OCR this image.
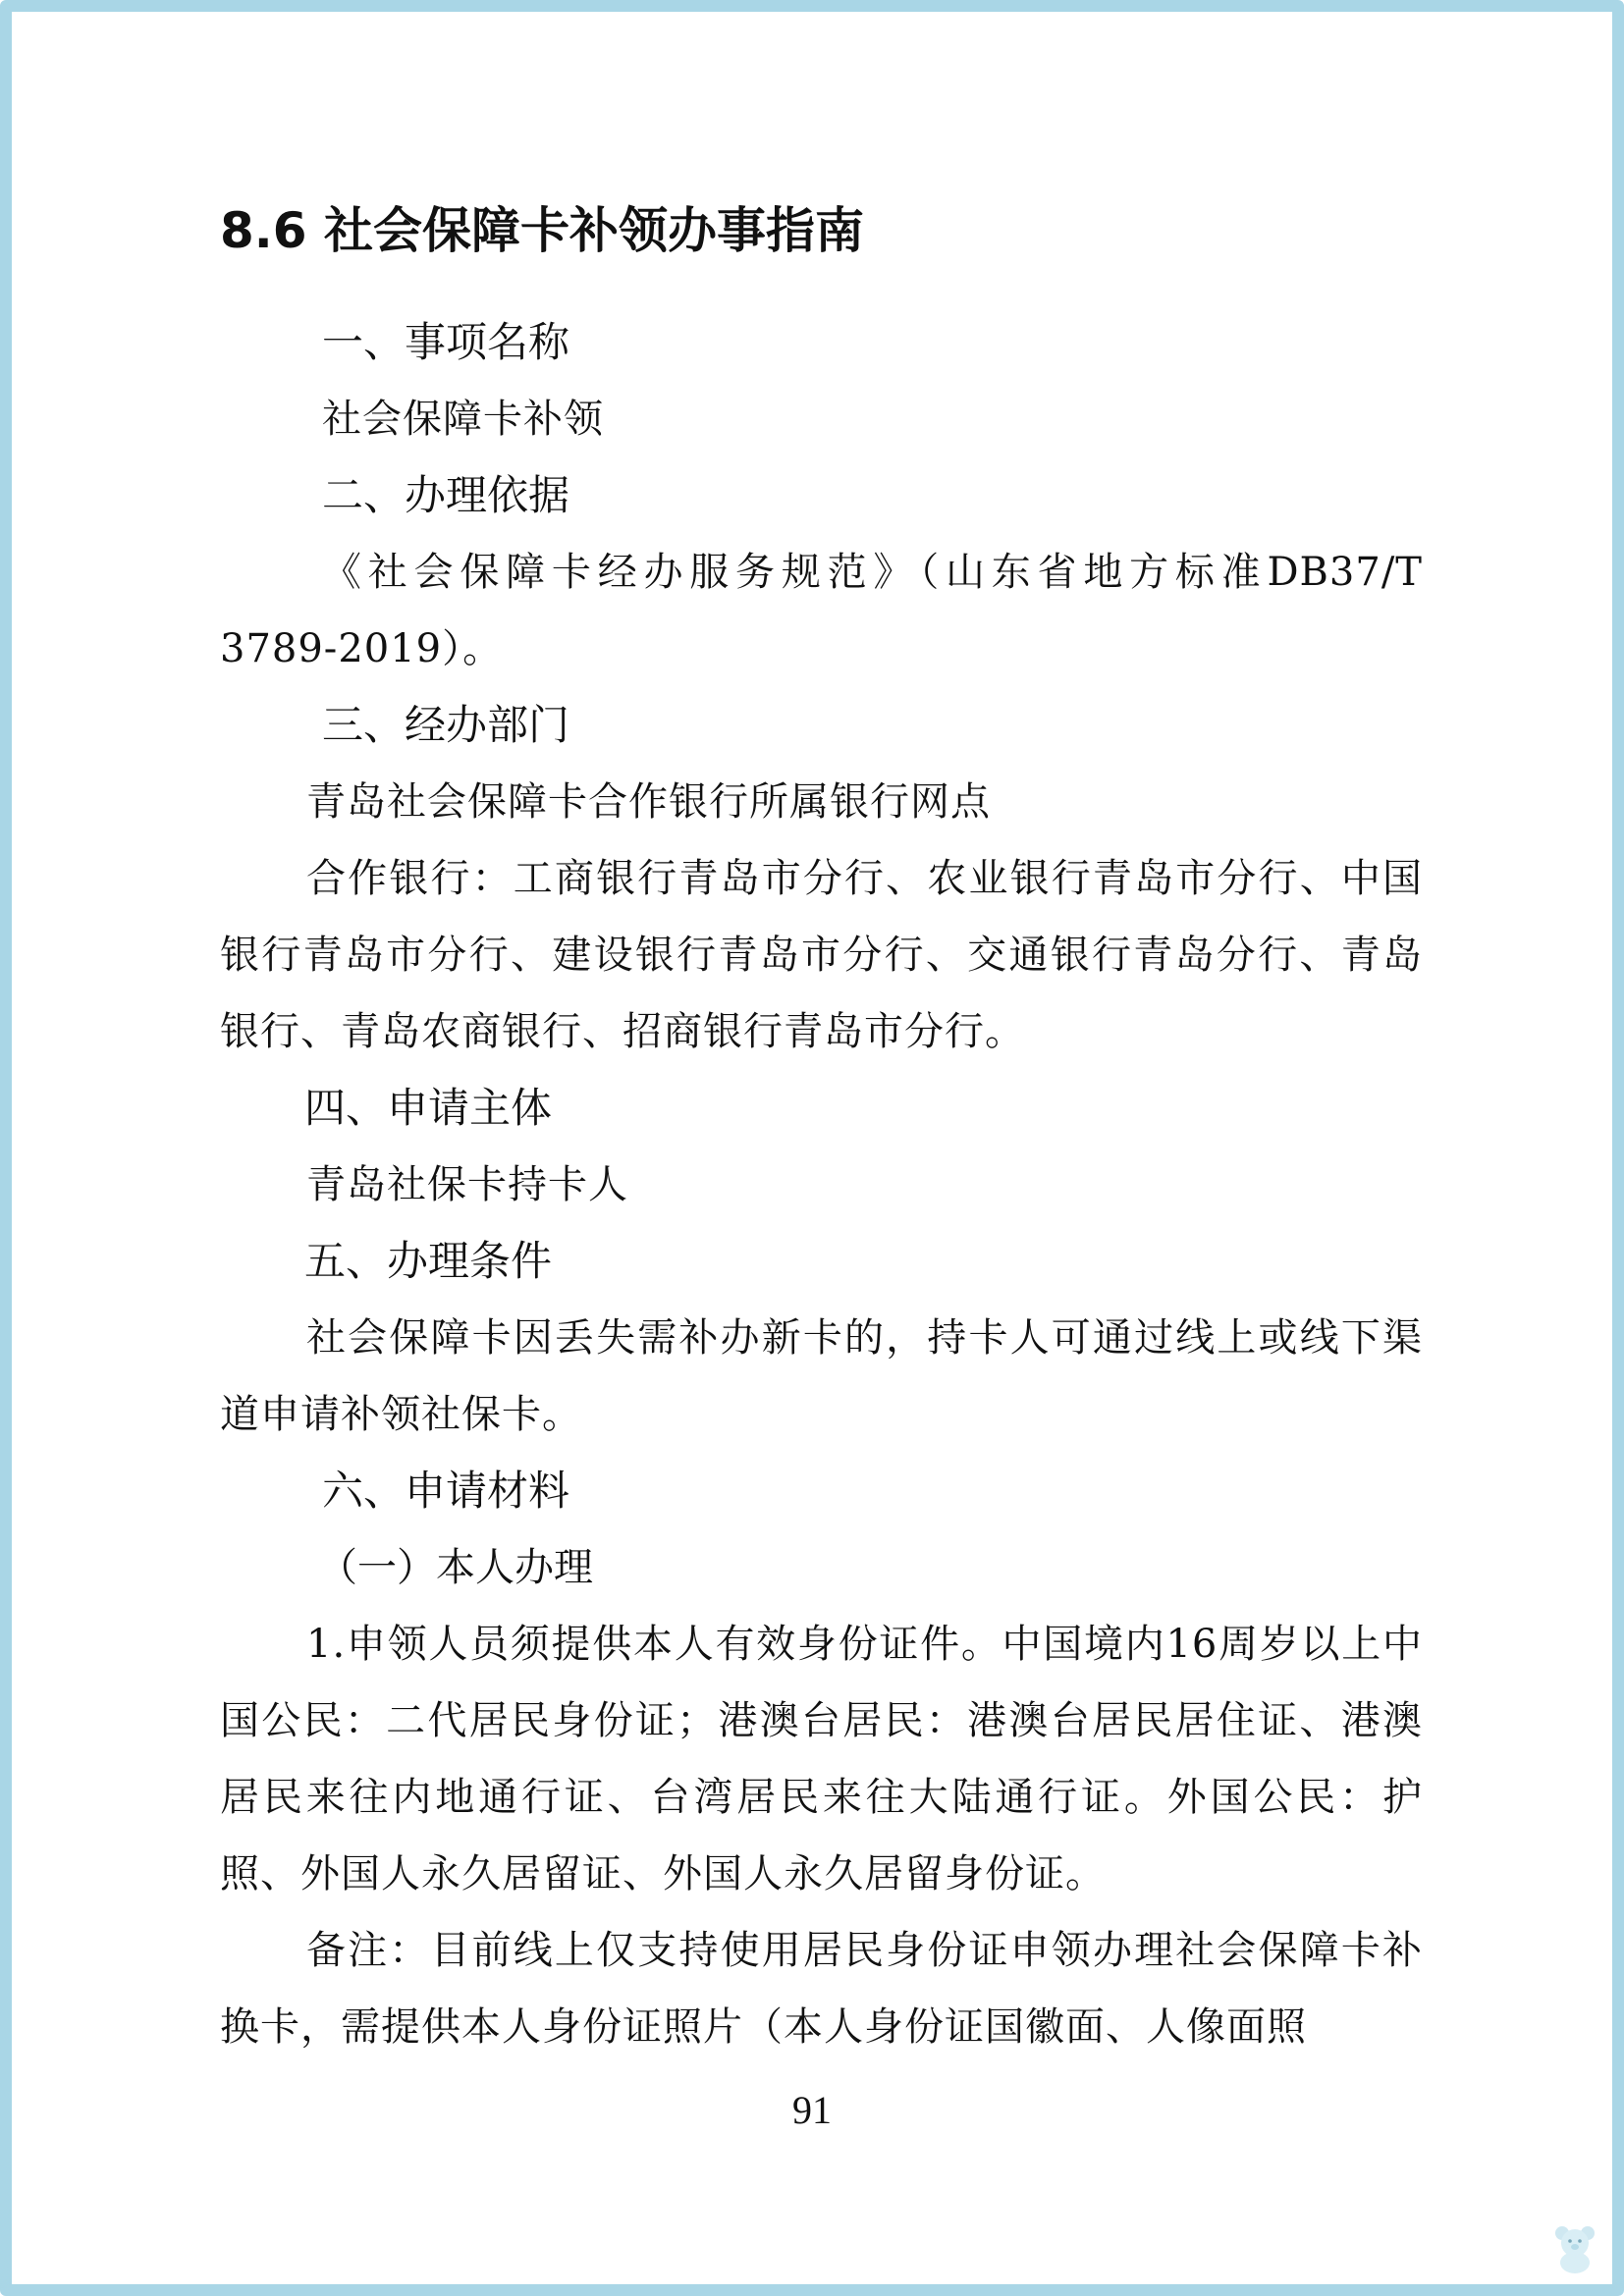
8.6 社会保障卡补领办事指南
一、事项名称

社会保障卡补领

二、办理依据

《社会保障卡经办服务规范》（山东省地方标准DB37/T 3789-2019）。

三、经办部门

青岛社会保障卡合作银行所属银行网点

合作银行：工商银行青岛市分行、农业银行青岛市分行、中国银行青岛市分行、建设银行青岛市分行、交通银行青岛分行、青岛银行、青岛农商银行、招商银行青岛市分行。

四、申请主体

青岛社保卡持卡人

五、办理条件

社会保障卡因丢失需补办新卡的，持卡人可通过线上或线下渠道申请补领社保卡。

六、申请材料
（一）本人办理

1.申领人员须提供本人有效身份证件。中国境内16周岁以上中国公民：二代居民身份证；港澳台居民：港澳台居民居住证、港澳居民来往内地通行证、台湾居民来往大陆通行证。外国公民：护照、外国人永久居留证、外国人永久居留身份证。

备注：目前线上仅支持使用居民身份证申领办理社会保障卡补换卡，需提供本人身份证照片（本人身份证国徽面、人像面照

91
